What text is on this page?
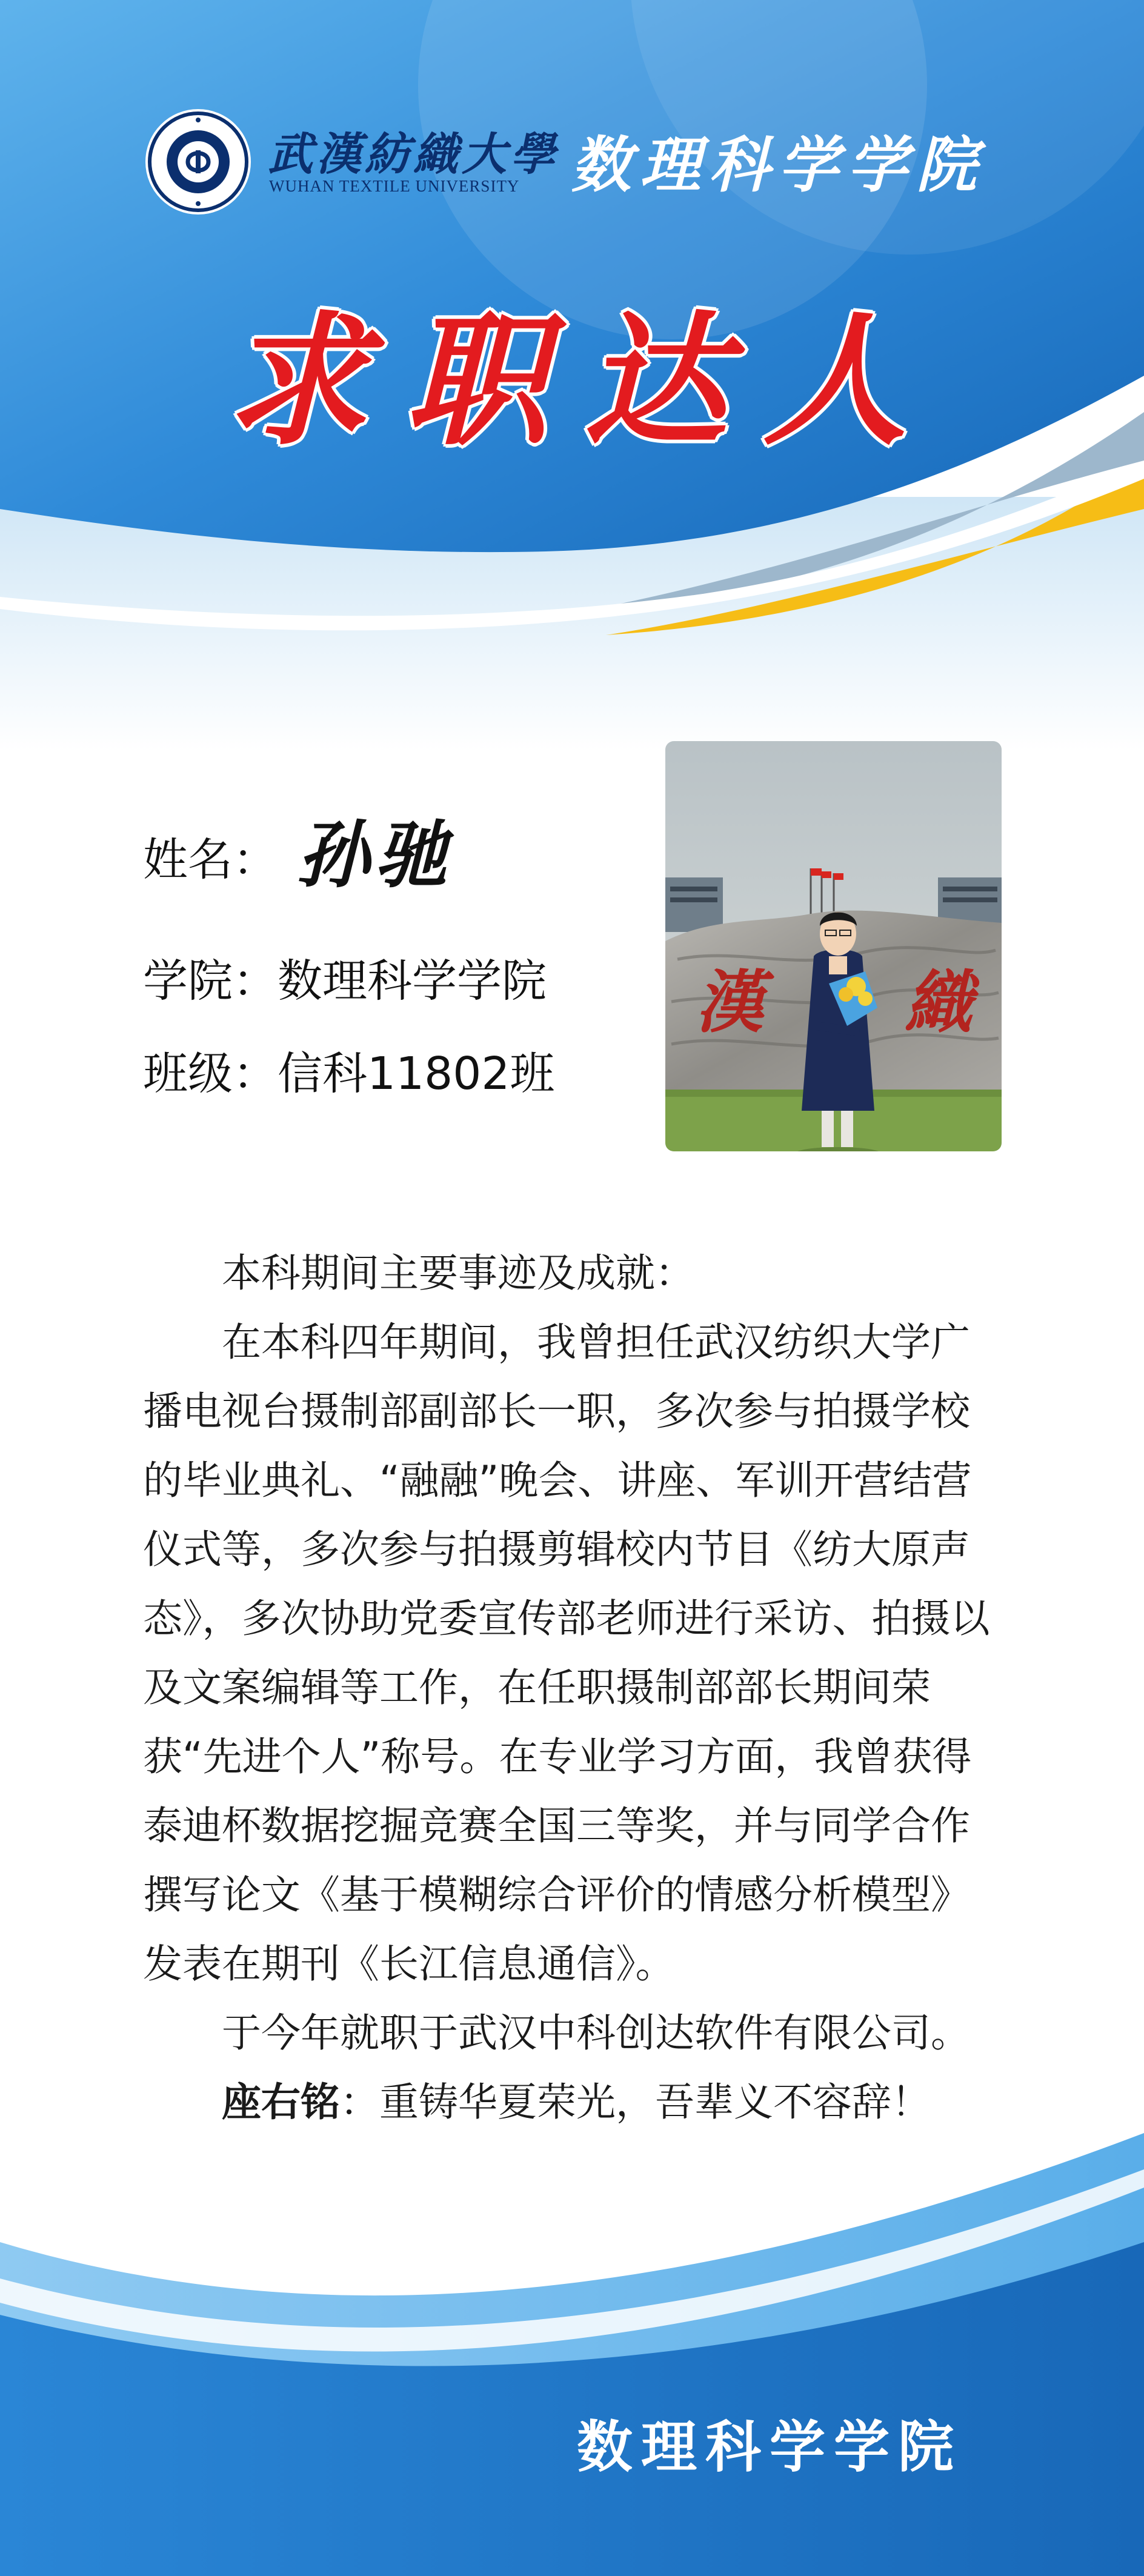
武漢紡織大學
WUHAN TEXTILE UNIVERSITY 数理科学学院
求职达人
姓名： 孙驰
学院：数理科学学院
班级：信科11802班
漢 織

本科期间主要事迹及成就：

在本科四年期间，我曾担任武汉纺织大学广播电视台摄制部副部长一职，多次参与拍摄学校的毕业典礼、“融融”晚会、讲座、军训开营结营仪式等，多次参与拍摄剪辑校内节目《纺大原声态》，多次协助党委宣传部老师进行采访、拍摄以及文案编辑等工作，在任职摄制部部长期间荣获“先进个人”称号。在专业学习方面，我曾获得泰迪杯数据挖掘竞赛全国三等奖，并与同学合作撰写论文《基于模糊综合评价的情感分析模型》发表在期刊《长江信息通信》。

于今年就职于武汉中科创达软件有限公司。

座右铭：重铸华夏荣光，吾辈义不容辞！

数理科学学院
